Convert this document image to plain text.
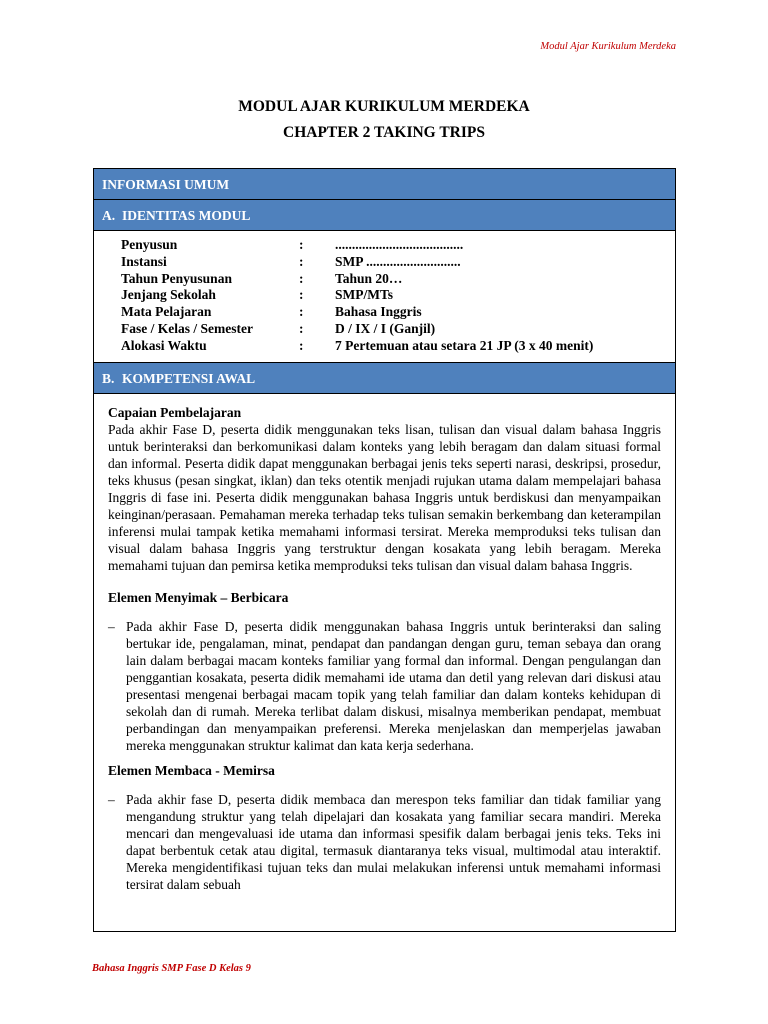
Modul Ajar Kurikulum Merdeka
MODUL AJAR KURIKULUM MERDEKA
CHAPTER 2 TAKING TRIPS
INFORMASI UMUM
A. IDENTITAS MODUL
Penyusun	:	......................................
Instansi	:	SMP ............................
Tahun Penyusunan	:	Tahun 20…
Jenjang Sekolah	:	SMP/MTs
Mata Pelajaran	:	Bahasa Inggris
Fase / Kelas / Semester	:	D / IX / I (Ganjil)
Alokasi Waktu	:	7 Pertemuan atau setara 21 JP (3 x 40 menit)
B. KOMPETENSI AWAL
Capaian Pembelajaran

Pada akhir Fase D, peserta didik menggunakan teks lisan, tulisan dan visual dalam bahasa Inggris untuk berinteraksi dan berkomunikasi dalam konteks yang lebih beragam dan dalam situasi formal dan informal. Peserta didik dapat menggunakan berbagai jenis teks seperti narasi, deskripsi, prosedur, teks khusus (pesan singkat, iklan) dan teks otentik menjadi rujukan utama dalam mempelajari bahasa Inggris di fase ini. Peserta didik menggunakan bahasa Inggris untuk berdiskusi dan menyampaikan keinginan/perasaan. Pemahaman mereka terhadap teks tulisan semakin berkembang dan keterampilan inferensi mulai tampak ketika memahami informasi tersirat. Mereka memproduksi teks tulisan dan visual dalam bahasa Inggris yang terstruktur dengan kosakata yang lebih beragam. Mereka memahami tujuan dan pemirsa ketika memproduksi teks tulisan dan visual dalam bahasa Inggris.

Elemen Menyimak – Berbicara
– Pada akhir Fase D, peserta didik menggunakan bahasa Inggris untuk berinteraksi dan saling bertukar ide, pengalaman, minat, pendapat dan pandangan dengan guru, teman sebaya dan orang lain dalam berbagai macam konteks familiar yang formal dan informal. Dengan pengulangan dan penggantian kosakata, peserta didik memahami ide utama dan detil yang relevan dari diskusi atau presentasi mengenai berbagai macam topik yang telah familiar dan dalam konteks kehidupan di sekolah dan di rumah. Mereka terlibat dalam diskusi, misalnya memberikan pendapat, membuat perbandingan dan menyampaikan preferensi. Mereka menjelaskan dan memperjelas jawaban mereka menggunakan struktur kalimat dan kata kerja sederhana.

Elemen Membaca - Memirsa
– Pada akhir fase D, peserta didik membaca dan merespon teks familiar dan tidak familiar yang mengandung struktur yang telah dipelajari dan kosakata yang familiar secara mandiri. Mereka mencari dan mengevaluasi ide utama dan informasi spesifik dalam berbagai jenis teks. Teks ini dapat berbentuk cetak atau digital, termasuk diantaranya teks visual, multimodal atau interaktif. Mereka mengidentifikasi tujuan teks dan mulai melakukan inferensi untuk memahami informasi tersirat dalam sebuah

Bahasa Inggris SMP Fase D Kelas 9
